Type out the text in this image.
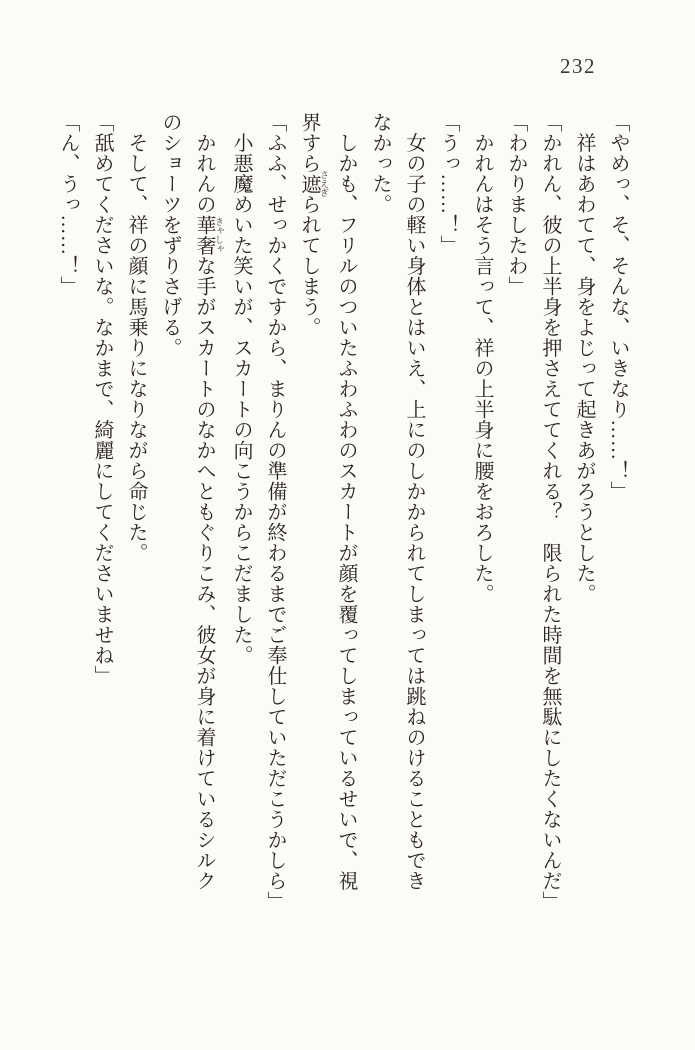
232

「やめっ、そ、そんな、いきなり……！」

　祥はあわてて、身をよじって起きあがろうとした。

「かれん、彼の上半身を押さえててくれる？　限られた時間を無駄にしたくないんだ」

「わかりましたわ」

　かれんはそう言って、祥の上半身に腰をおろした。

「うっ……！」

　女の子の軽い身体とはいえ、上にのしかかられてしまっては跳ねのけることもでき

なかった。

　しかも、フリルのついたふわふわのスカートが顔を覆ってしまっているせいで、視

界すら遮 さえぎられてしまう。

「ふふ、せっかくですから、まりんの準備が終わるまでご奉仕していただこうかしら」

　小悪魔めいた笑いが、スカートの向こうからこだました。

　かれんの華奢 きゃしゃな手がスカートのなかへともぐりこみ、彼女が身に着けているシルク

のショーツをずりさげる。

　そして、祥の顔に馬乗りになりながら命じた。

「舐めてくださいな。なかまで、綺麗にしてくださいませね」

「ん、うっ……！」
